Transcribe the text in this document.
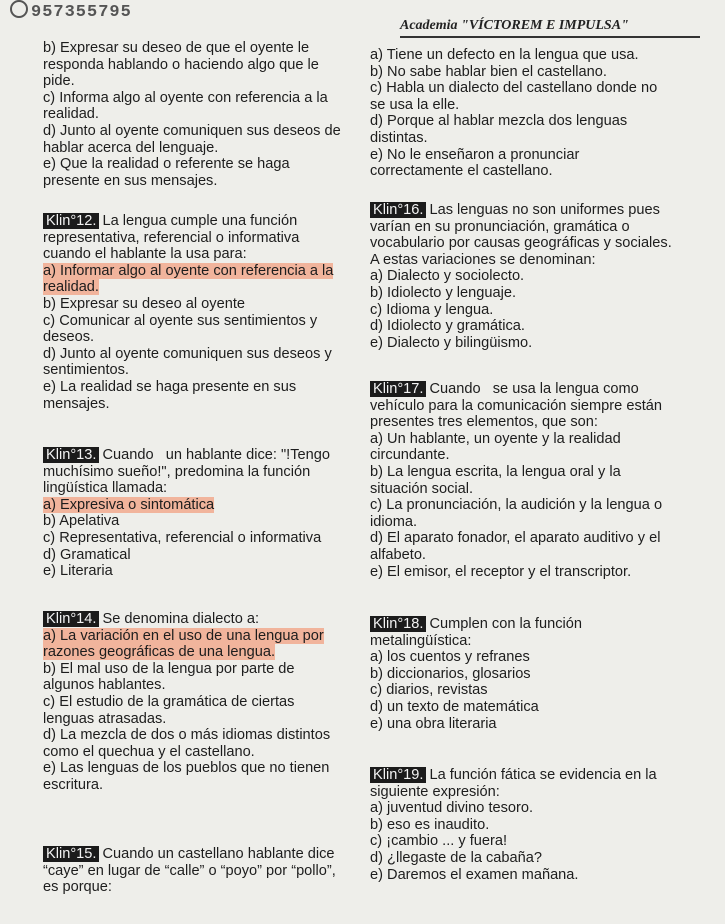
957355795
Academia "VÍCTOREM E IMPULSA"
b) Expresar su deseo de que el oyente le
responda hablando o haciendo algo que le
pide.
c) Informa algo al oyente con referencia a la
realidad.
d) Junto al oyente comuniquen sus deseos de
hablar acerca del lenguaje.
e) Que la realidad o referente se haga
presente en sus mensajes.
Klin°12. La lengua cumple una función
representativa, referencial o informativa
cuando el hablante la usa para:
a) Informar algo al oyente con referencia a la
realidad.
b) Expresar su deseo al oyente
c) Comunicar al oyente sus sentimientos y
deseos.
d) Junto al oyente comuniquen sus deseos y
sentimientos.
e) La realidad se haga presente en sus
mensajes.
Klin°13. Cuando   un hablante dice: "!Tengo
muchísimo sueño!", predomina la función
lingüística llamada:
a) Expresiva o sintomática
b) Apelativa
c) Representativa, referencial o informativa
d) Gramatical
e) Literaria
Klin°14. Se denomina dialecto a:
a) La variación en el uso de una lengua por
razones geográficas de una lengua.
b) El mal uso de la lengua por parte de
algunos hablantes.
c) El estudio de la gramática de ciertas
lenguas atrasadas.
d) La mezcla de dos o más idiomas distintos
como el quechua y el castellano.
e) Las lenguas de los pueblos que no tienen
escritura.
Klin°15. Cuando un castellano hablante dice
“caye” en lugar de “calle” o “poyo” por “pollo”,
es porque:
a) Tiene un defecto en la lengua que usa.
b) No sabe hablar bien el castellano.
c) Habla un dialecto del castellano donde no
se usa la elle.
d) Porque al hablar mezcla dos lenguas
distintas.
e) No le enseñaron a pronunciar
correctamente el castellano.
Klin°16. Las lenguas no son uniformes pues
varían en su pronunciación, gramática o
vocabulario por causas geográficas y sociales.
A estas variaciones se denominan:
a) Dialecto y sociolecto.
b) Idiolecto y lenguaje.
c) Idioma y lengua.
d) Idiolecto y gramática.
e) Dialecto y bilingüismo.
Klin°17. Cuando   se usa la lengua como
vehículo para la comunicación siempre están
presentes tres elementos, que son:
a) Un hablante, un oyente y la realidad
circundante.
b) La lengua escrita, la lengua oral y la
situación social.
c) La pronunciación, la audición y la lengua o
idioma.
d) El aparato fonador, el aparato auditivo y el
alfabeto.
e) El emisor, el receptor y el transcriptor.
Klin°18. Cumplen con la función
metalingüística:
a) los cuentos y refranes
b) diccionarios, glosarios
c) diarios, revistas
d) un texto de matemática
e) una obra literaria
Klin°19. La función fática se evidencia en la
siguiente expresión:
a) juventud divino tesoro.
b) eso es inaudito.
c) ¡cambio ... y fuera!
d) ¿llegaste de la cabaña?
e) Daremos el examen mañana.
